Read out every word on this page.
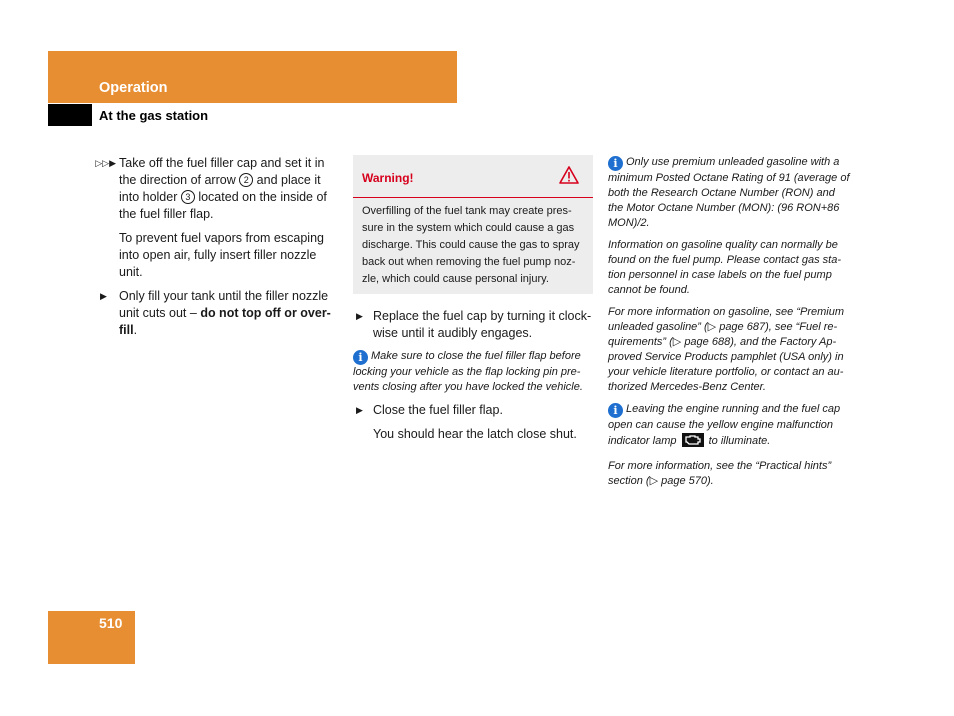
Operation
At the gas station
▷▷▶ Take off the fuel filler cap and set it in the direction of arrow 2 and place it into holder 3 located on the inside of the fuel filler flap.
To prevent fuel vapors from escaping into open air, fully insert filler nozzle unit.
▶ Only fill your tank until the filler nozzle unit cuts out – do not top off or over-fill.
Warning!
Overfilling of the fuel tank may create pres-sure in the system which could cause a gas discharge. This could cause the gas to spray back out when removing the fuel pump noz-zle, which could cause personal injury.
▶ Replace the fuel cap by turning it clock-wise until it audibly engages.
i Make sure to close the fuel filler flap before locking your vehicle as the flap locking pin pre-vents closing after you have locked the vehicle.
▶ Close the fuel filler flap.
You should hear the latch close shut.
i Only use premium unleaded gasoline with a minimum Posted Octane Rating of 91 (average of both the Research Octane Number (RON) and the Motor Octane Number (MON): (96 RON+86 MON)/2.
Information on gasoline quality can normally be found on the fuel pump. Please contact gas sta-tion personnel in case labels on the fuel pump cannot be found.
For more information on gasoline, see “Premium unleaded gasoline” (▷ page 687), see “Fuel re-quirements” (▷ page 688), and the Factory Ap-proved Service Products pamphlet (USA only) in your vehicle literature portfolio, or contact an au-thorized Mercedes-Benz Center.
i Leaving the engine running and the fuel cap open can cause the yellow engine malfunction indicator lamp  to illuminate.
For more information, see the “Practical hints” section (▷ page 570).
510
